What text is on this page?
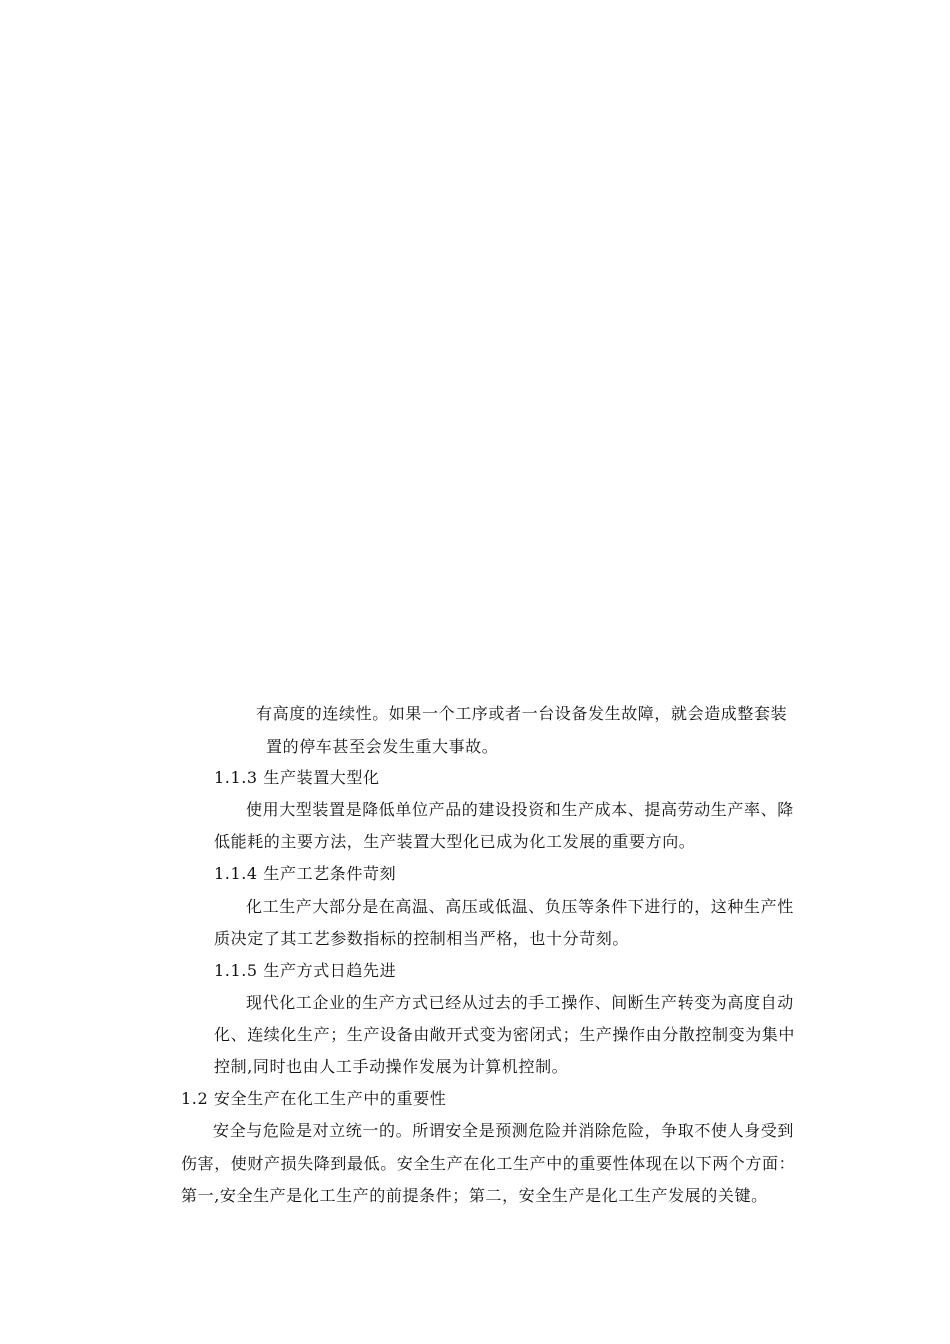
有高度的连续性。如果一个工序或者一台设备发生故障，就会造成整套装
置的停车甚至会发生重大事故。
1.1.3 生产装置大型化
使用大型装置是降低单位产品的建设投资和生产成本、提高劳动生产率、降
低能耗的主要方法，生产装置大型化已成为化工发展的重要方向。
1.1.4 生产工艺条件苛刻
化工生产大部分是在高温、高压或低温、负压等条件下进行的，这种生产性
质决定了其工艺参数指标的控制相当严格，也十分苛刻。
1.1.5 生产方式日趋先进
现代化工企业的生产方式已经从过去的手工操作、间断生产转变为高度自动
化、连续化生产；生产设备由敞开式变为密闭式；生产操作由分散控制变为集中
控制,同时也由人工手动操作发展为计算机控制。
1.2 安全生产在化工生产中的重要性
安全与危险是对立统一的。所谓安全是预测危险并消除危险，争取不使人身受到
伤害，使财产损失降到最低。安全生产在化工生产中的重要性体现在以下两个方面：
第一,安全生产是化工生产的前提条件；第二，安全生产是化工生产发展的关键。
